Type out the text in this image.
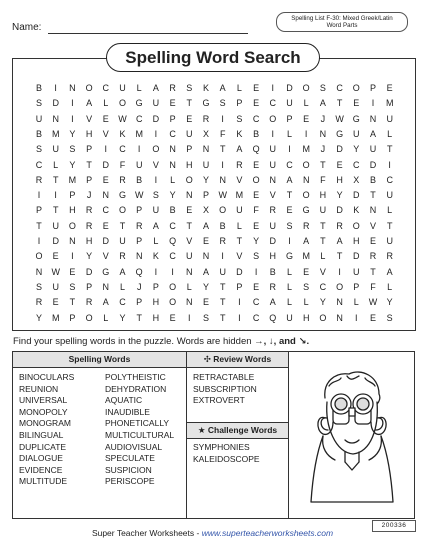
Name:
Spelling List F-30: Mixed Greek/Latin
Word Parts
Spelling Word Search
B	I	N	O	C	U	L	A	R	S	K	A	L	E	I	D	O	S	C	O	P	E
S	D	I	A	L	O	G	U	E	T	G	S	P	E	C	U	L	A	T	E	I	M
U	N	I	V	E	W	C	D	P	E	R	I	S	C	O	P	E	J	W G	N	U
B	M	Y	H	V	K	M	I	C	U	X	F	K	B	I	L	I	N	G	U	A	L
S	U	S	P	I	C	I	O	N	P	N	T	A	Q	U	I	M	J	D	Y	U	T
C	L	Y	T	D	F	U	V	N	H	U	I	R	E	U	C	O	T	E	C	D	I
R	T	M	P	E	R	B	I	L	O	Y	N	V	O	N	A	N	F	H	X	B	C
I	I	P	J	N	G W	S	Y	N	P	W M	E	V	T	O	H	Y	D	T	U
P	T	H	R	C	O	P	U	B	E	X	O	U	F	R	E	G	U	D	K	N	L
T	U	O	R	E	T	R	A	C	T	A	B	L	E	U	S	R	T	R	O	V	T
I	D	N	H	D	U	P	L	Q	V	E	R	T	Y	D	I	A	T	A	H	E	U
O	E	I	Y	V	R	N	K	C	U	N	I	V	S	H	G	M	L	T	D	R	R
N	W	E	D	G	A	Q	I	I	N	A	U	D	I	B	L	E	V	I	U	T	A
S	U	S	P	N	L	J	P	O	L	Y	T	P	E	R	L	S	C	O	P	F	L
R	E	T	R	A	C	P	H	O	N	E	T	I	C	A	L	L	Y	N	L	W	Y
Y	M	P	O	L	Y	T	H	E	I	S	T	I	C	Q	U	H	O	N	I	E	S
Find your spelling words in the puzzle. Words are hidden →, ↓, and ↘.
Spelling Words	✣ Review Words
BINOCULARS
REUNION
UNIVERSAL
MONOPOLY
MONOGRAM
BILINGUAL
DUPLICATE
DIALOGUE
EVIDENCE
MULTITUDE
POLYTHEISTIC
DEHYDRATION
AQUATIC
INAUDIBLE
PHONETICALLY
MULTICULTURAL
AUDIOVISUAL
SPECULATE
SUSPICION
PERISCOPE
RETRACTABLE
SUBSCRIPTION
EXTROVERT
★ Challenge Words
SYMPHONIES
KALEIDOSCOPE
Super Teacher Worksheets - www.superteacherworksheets.com
200336
